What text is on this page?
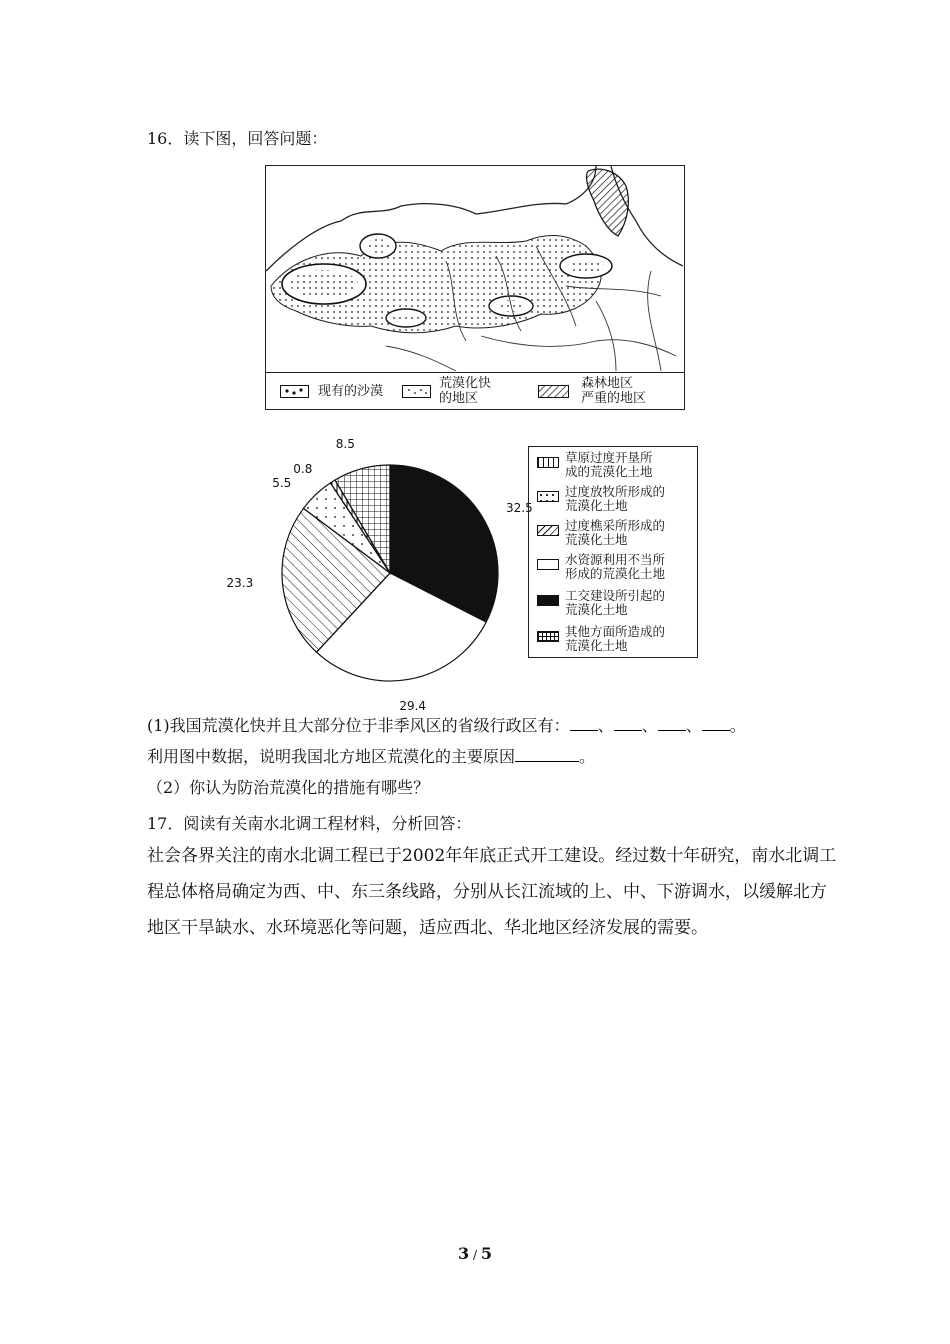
16．读下图，回答问题：
现有的沙漠
荒漠化快
的地区
森林地区
严重的地区
32.5
29.4
23.3
5.5
0.8
8.5
草原过度开垦所
成的荒漠化土地
过度放牧所形成的
荒漠化土地
过度樵采所形成的
荒漠化土地
水资源利用不当所
形成的荒漠化土地
工交建设所引起的
荒漠化土地
其他方面所造成的
荒漠化土地
(1)我国荒漠化快并且大部分位于非季风区的省级行政区有： 、 、 、 。
利用图中数据，说明我国北方地区荒漠化的主要原因	。
（2）你认为防治荒漠化的措施有哪些？
17．阅读有关南水北调工程材料，分析回答：
社会各界关注的南水北调工程已于2002年年底正式开工建设。经过数十年研究，南水北调工程总体格局确定为西、中、东三条线路，分别从长江流域的上、中、下游调水，以缓解北方地区干旱缺水、水环境恶化等问题，适应西北、华北地区经济发展的需要。
3 / 5
